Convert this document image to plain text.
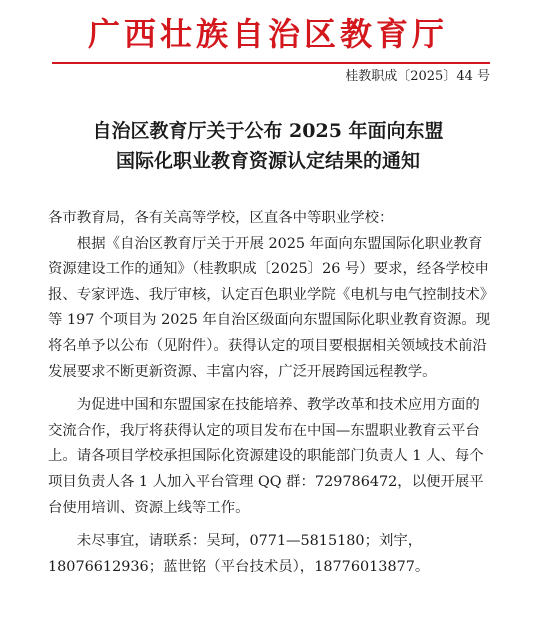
广西壮族自治区教育厅
桂教职成〔2025〕44 号
自治区教育厅关于公布 2025 年面向东盟
国际化职业教育资源认定结果的通知

各市教育局，各有关高等学校，区直各中等职业学校：

根据《自治区教育厅关于开展 2025 年面向东盟国际化职业教育资源建设工作的通知》（桂教职成〔2025〕26 号）要求，经各学校申报、专家评选、我厅审核，认定百色职业学院《电机与电气控制技术》等 197 个项目为 2025 年自治区级面向东盟国际化职业教育资源。现将名单予以公布（见附件）。获得认定的项目要根据相关领域技术前沿发展要求不断更新资源、丰富内容，广泛开展跨国远程教学。

为促进中国和东盟国家在技能培养、教学改革和技术应用方面的交流合作，我厅将获得认定的项目发布在中国—东盟职业教育云平台上。请各项目学校承担国际化资源建设的职能部门负责人 1 人、每个项目负责人各 1 人加入平台管理 QQ 群：729786472，以便开展平台使用培训、资源上线等工作。

未尽事宜，请联系：吴珂，0771—5815180；刘宇，18076612936；蓝世铭（平台技术员），18776013877。
